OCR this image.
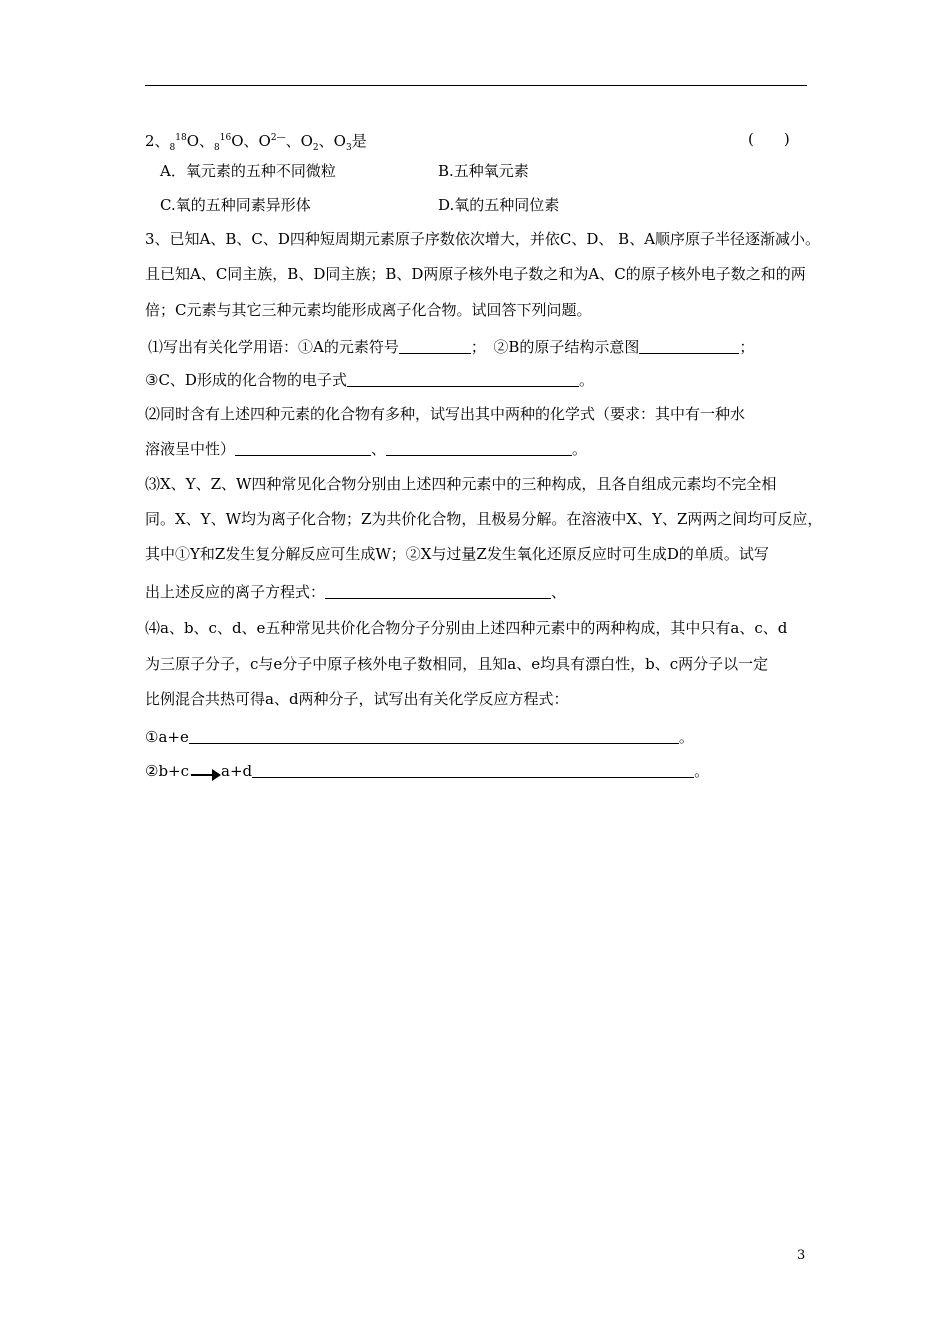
2、$_8^{18}$O、$_8^{16}$O、$O^{2—}$、$O_2$、$O_3$是	(　　)
A．氧元素的五种不同微粒	B.五种氧元素
C.氧的五种同素异形体	D.氧的五种同位素
3、已知A、B、C、D四种短周期元素原子序数依次增大，并依C、D、 B、A顺序原子半径逐渐减小。
且已知A、C同主族，B、D同主族；B、D两原子核外电子数之和为A、C的原子核外电子数之和的两
倍；C元素与其它三种元素均能形成离子化合物。试回答下列问题。
⑴写出有关化学用语：①A的元素符号	；　②B的原子结构示意图	；
③C、D形成的化合物的电子式	。
⑵同时含有上述四种元素的化合物有多种，试写出其中两种的化学式（要求：其中有一种水
溶液呈中性）	、	。
⑶X、Y、Z、W四种常见化合物分别由上述四种元素中的三种构成，且各自组成元素均不完全相
同。X、Y、W均为离子化合物；Z为共价化合物，且极易分解。在溶液中X、Y、Z两两之间均可反应，
其中①Y和Z发生复分解反应可生成W；②X与过量Z发生氧化还原反应时可生成D的单质。试写
出上述反应的离子方程式：	、
⑷a、b、c、d、e五种常见共价化合物分子分别由上述四种元素中的两种构成，其中只有a、c、d
为三原子分子，c与e分子中原子核外电子数相同，且知a、e均具有漂白性，b、c两分子以一定
比例混合共热可得a、d两种分子，试写出有关化学反应方程式：
①a+e	。
②b+c a+d	。
3
